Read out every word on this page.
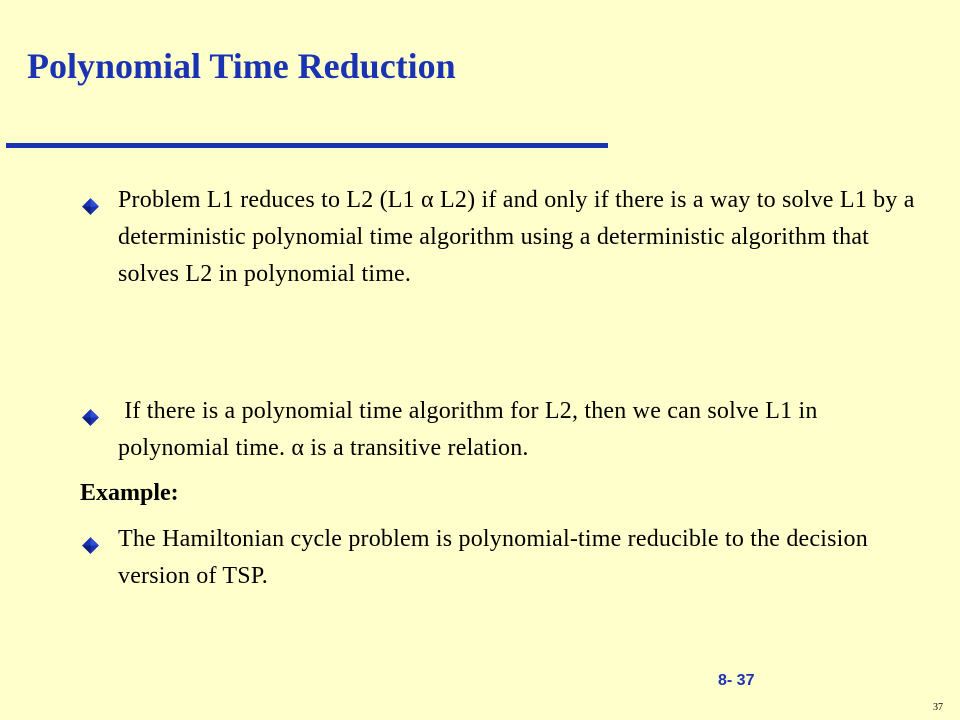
Polynomial Time Reduction

Problem L1 reduces to L2 (L1 α L2) if and only if there is a way to solve L1 by a deterministic polynomial time algorithm using a deterministic algorithm that solves L2 in polynomial time.

If there is a polynomial time algorithm for L2, then we can solve L1 in polynomial time. α is a transitive relation.

Example:

The Hamiltonian cycle problem is polynomial-time reducible to the decision version of TSP.

8- 37
37
